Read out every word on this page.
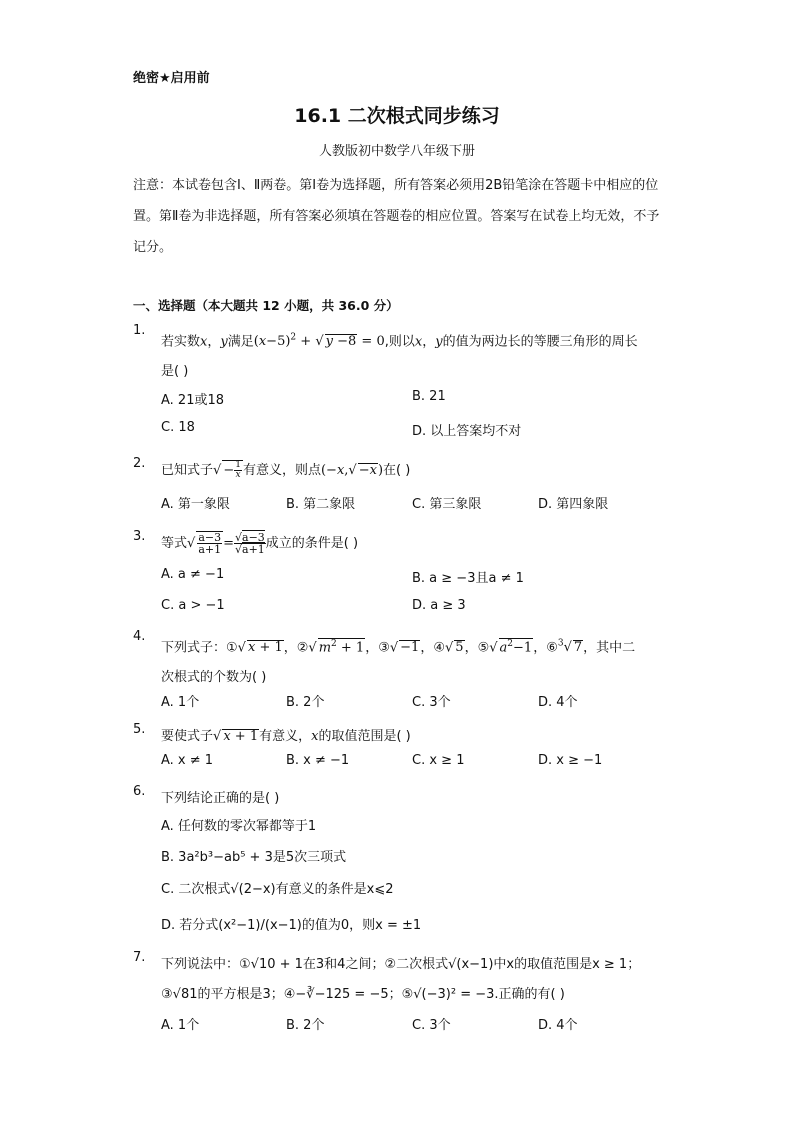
绝密★启用前
16.1 二次根式同步练习
人教版初中数学八年级下册
注意：本试卷包含Ⅰ、Ⅱ两卷。第Ⅰ卷为选择题，所有答案必须用2B铅笔涂在答题卡中相应的位置。第Ⅱ卷为非选择题，所有答案必须填在答题卷的相应位置。答案写在试卷上均无效，不予记分。
一、选择题（本大题共 12 小题，共 36.0 分）
1.
若实数x，y满足$(x-5)^2$ + √ y −8 = 0,则以x，y的值为两边长的等腰三角形的周长
是( )
A. 21或18	B. 21
C. 18	D. 以上答案均不对
2. 已知式子√ − $\frac{1}{x}$ 有意义，则点(−x,√ −x)在( )
A. 第一象限	B. 第二象限	C. 第三象限	D. 第四象限
3. 等式√ $\frac{a-3}{a+1} = \frac{√a-3}{√a+1}$ 成立的条件是( )
A. a ≠ −1	B. a ≥ −3且a ≠ 1
C. a > −1	D. a ≥ 3
4.
下列式子：①√ x + 1，②√ $m^2 + 1$，③√ −1，④√ 5，⑤√ $a^2-1$，⑥$^3$√ 7，其中二
次根式的个数为( )
A. 1个	B. 2个	C. 3个	D. 4个
5. 要使式子√ x + 1有意义，x的取值范围是( )
A. x ≠ 1	B. x ≠ −1	C. x ≥ 1	D. x ≥ −1
6. 下列结论正确的是( )
A. 任何数的零次幂都等于1
B. 3a²b³−ab⁵ + 3是5次三项式
C. 二次根式√(2−x)有意义的条件是x⩽2
D. 若分式(x²−1)/(x−1)的值为0，则x = ±1
7. 下列说法中：①√10 + 1在3和4之间；②二次根式√(x−1)中x的取值范围是x ≥ 1；
③√81的平方根是3；④−∛−125 = −5；⑤√(−3)² = −3.正确的有( )
A. 1个	B. 2个	C. 3个	D. 4个
